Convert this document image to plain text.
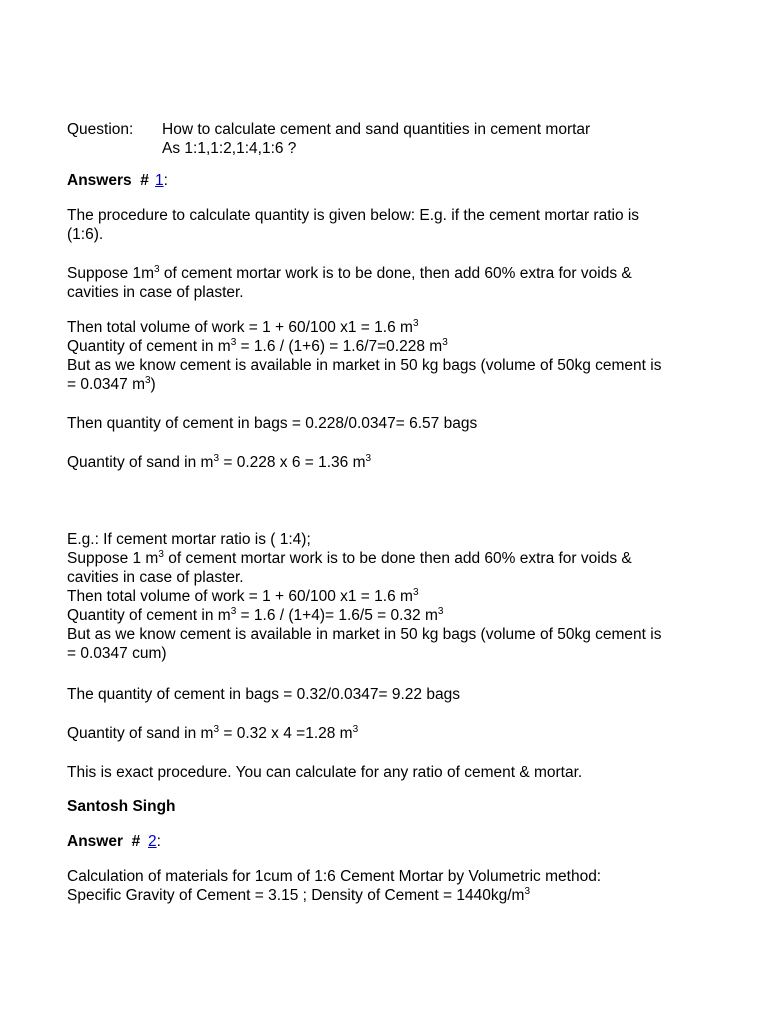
Question: How to calculate cement and sand quantities in cement mortar
As 1:1,1:2,1:4,1:6 ?
Answers # 1:
The procedure to calculate quantity is given below: E.g. if the cement mortar ratio is
(1:6).
Suppose $1m^3$ of cement mortar work is to be done, then add 60% extra for voids &
cavities in case of plaster.
Then total volume of work = 1 + 60/100 x1 = 1.6 $m^3$
Quantity of cement in $m^3 = 1.6 / (1+6) = 1.6/7=0.228$ $m^3$
But as we know cement is available in market in 50 kg bags (volume of 50kg cement is
= 0.0347 $m^3$)
Then quantity of cement in bags = 0.228/0.0347= 6.57 bags
Quantity of sand in $m^3 = 0.228$ x 6 = 1.36 $m^3$
E.g.: If cement mortar ratio is ( 1:4);
Suppose 1 $m^3$ of cement mortar work is to be done then add 60% extra for voids &
cavities in case of plaster.
Then total volume of work = 1 + 60/100 x1 = 1.6 $m^3$
Quantity of cement in $m^3 = 1.6 / (1+4)= 1.6/5 = 0.32$ $m^3$
But as we know cement is available in market in 50 kg bags (volume of 50kg cement is
= 0.0347 cum)
The quantity of cement in bags = 0.32/0.0347= 9.22 bags
Quantity of sand in $m^3 = 0.32$ x 4 =1.28 $m^3$
This is exact procedure. You can calculate for any ratio of cement & mortar.
Santosh Singh
Answer # 2:
Calculation of materials for 1cum of 1:6 Cement Mortar by Volumetric method:
Specific Gravity of Cement = 3.15 ; Density of Cement = $1440kg/m^3$
